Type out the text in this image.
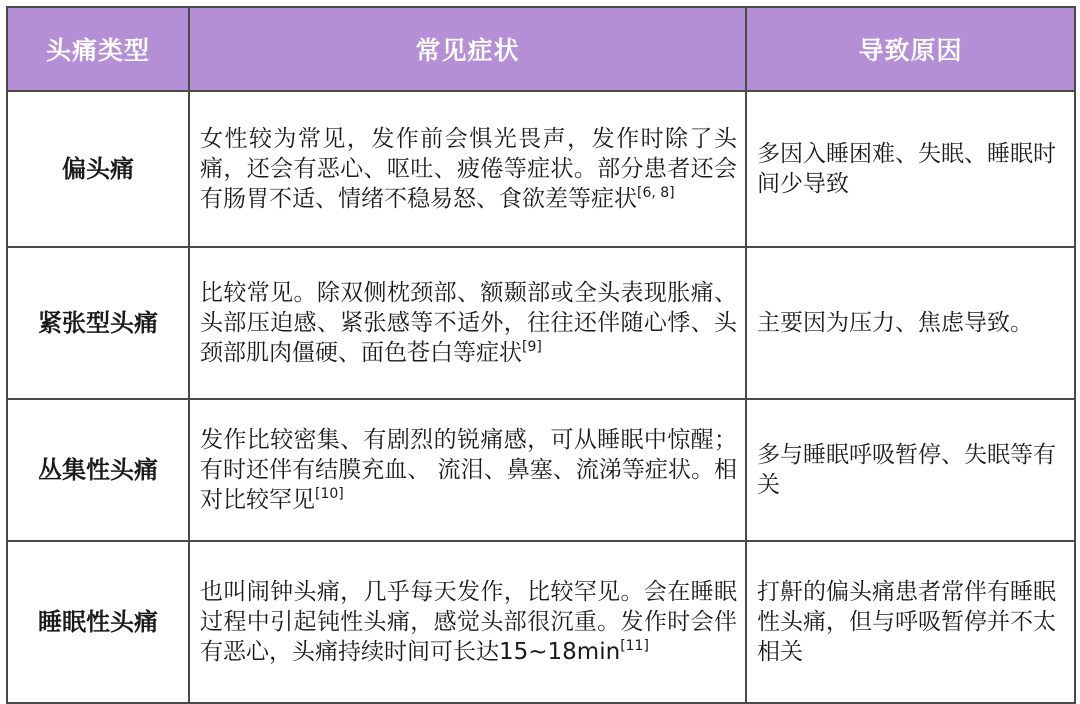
头痛类型	常见症状	导致原因
偏头痛	女性较为常见，发作前会惧光畏声，发作时除了头痛，还会有恶心、呕吐、疲倦等症状。部分患者还会有肠胃不适、情绪不稳易怒、食欲差等症状[6, 8]	多因入睡困难、失眠、睡眠时间少导致
紧张型头痛	比较常见。除双侧枕颈部、额颞部或全头表现胀痛、头部压迫感、紧张感等不适外，往往还伴随心悸、头颈部肌肉僵硬、面色苍白等症状[9]	主要因为压力、焦虑导致。
丛集性头痛	发作比较密集、有剧烈的锐痛感，可从睡眠中惊醒；有时还伴有结膜充血、 流泪、鼻塞、流涕等症状。相对比较罕见[10]	多与睡眠呼吸暂停、失眠等有关
睡眠性头痛	也叫闹钟头痛，几乎每天发作，比较罕见。会在睡眠过程中引起钝性头痛，感觉头部很沉重。发作时会伴有恶心，头痛持续时间可长达15~18min[11]	打鼾的偏头痛患者常伴有睡眠性头痛，但与呼吸暂停并不太相关
